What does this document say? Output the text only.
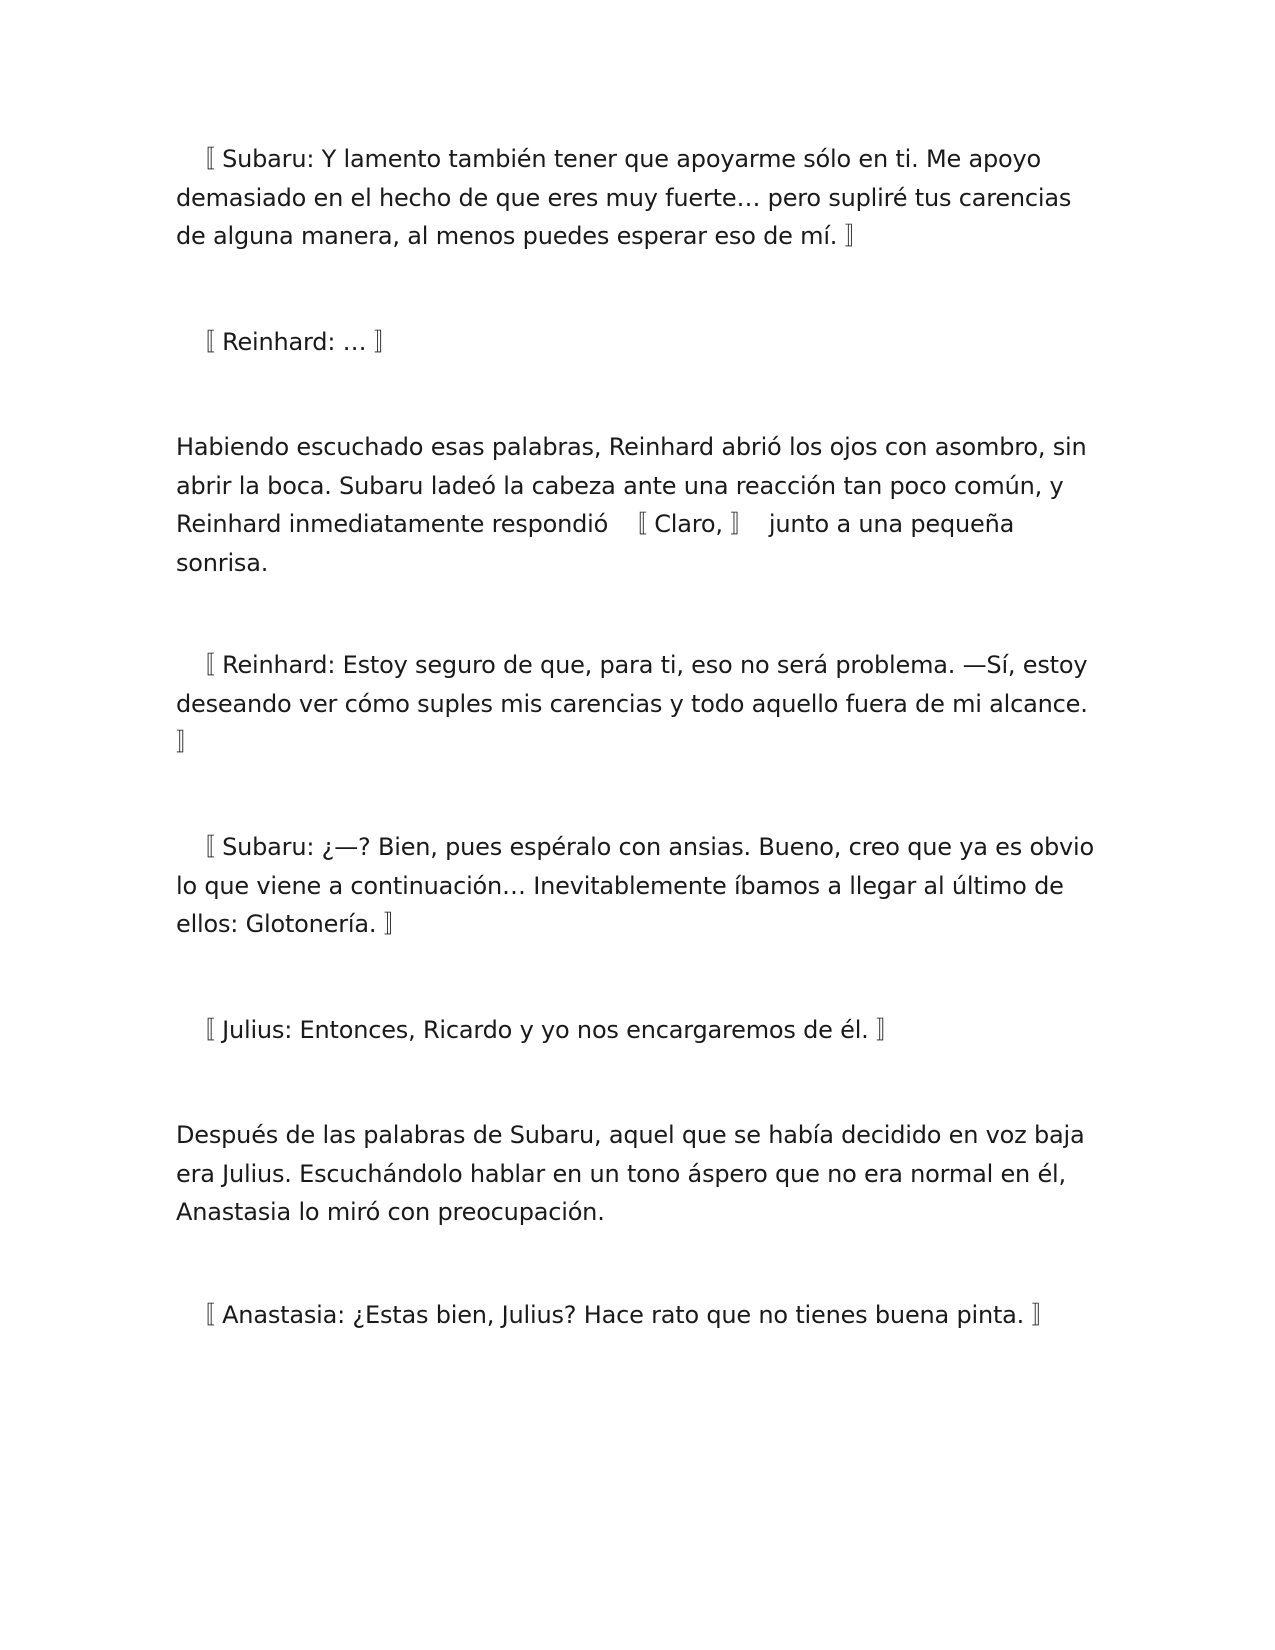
〚 Subaru: Y lamento también tener que apoyarme sólo en ti. Me apoyo
demasiado en el hecho de que eres muy fuerte… pero supliré tus carencias
de alguna manera, al menos puedes esperar eso de mí. 〛

〚 Reinhard: … 〛

Habiendo escuchado esas palabras, Reinhard abrió los ojos con asombro, sin
abrir la boca. Subaru ladeó la cabeza ante una reacción tan poco común, y
Reinhard inmediatamente respondió  〚 Claro, 〛  junto a una pequeña
sonrisa.

〚 Reinhard: Estoy seguro de que, para ti, eso no será problema. —Sí, estoy
deseando ver cómo suples mis carencias y todo aquello fuera de mi alcance.
〛

〚 Subaru: ¿—? Bien, pues espéralo con ansias. Bueno, creo que ya es obvio
lo que viene a continuación… Inevitablemente íbamos a llegar al último de
ellos: Glotonería. 〛

〚 Julius: Entonces, Ricardo y yo nos encargaremos de él. 〛

Después de las palabras de Subaru, aquel que se había decidido en voz baja
era Julius. Escuchándolo hablar en un tono áspero que no era normal en él,
Anastasia lo miró con preocupación.

〚 Anastasia: ¿Estas bien, Julius? Hace rato que no tienes buena pinta. 〛
